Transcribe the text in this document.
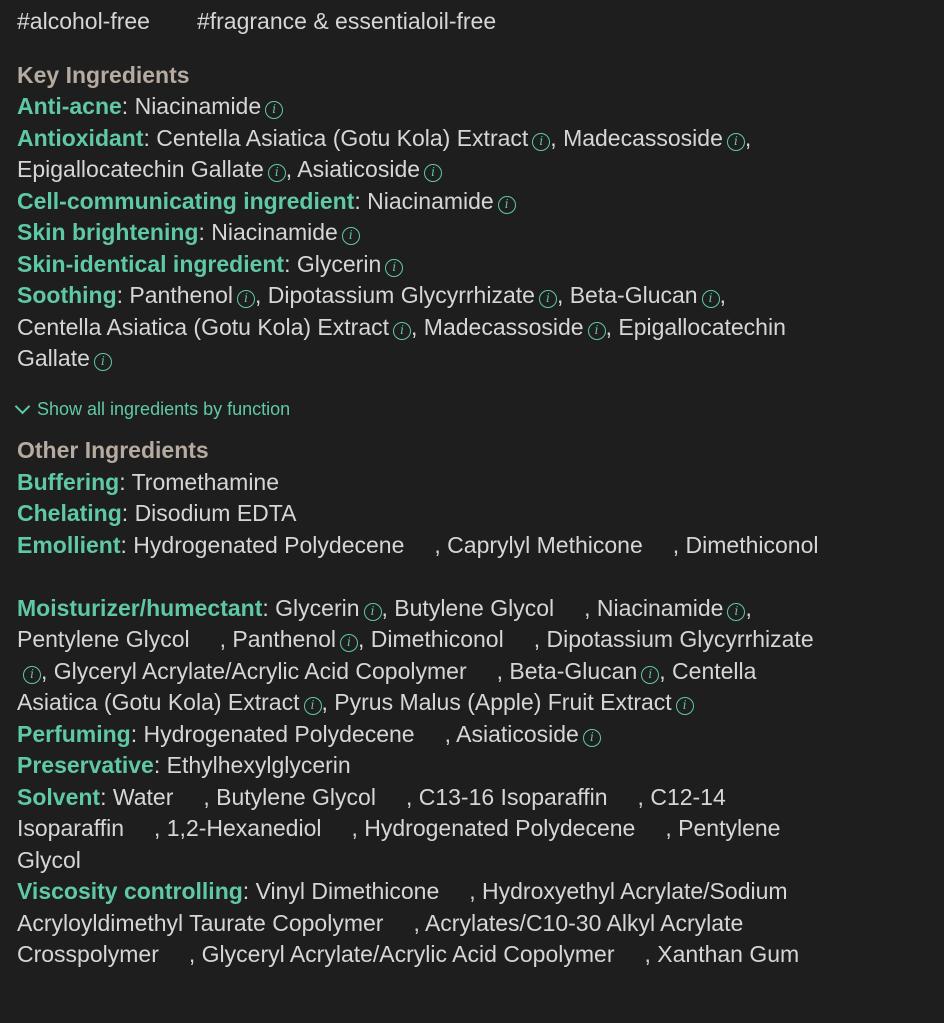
#alcohol-free #fragrance & essentialoil-free
Key Ingredients
Anti-acne: Niacinamide i
Antioxidant: Centella Asiatica (Gotu Kola) Extract i , Madecassoside i ,
Epigallocatechin Gallate i , Asiaticoside i
Cell-communicating ingredient: Niacinamide i
Skin brightening: Niacinamide i
Skin-identical ingredient: Glycerin i
Soothing: Panthenol i , Dipotassium Glycyrrhizate i , Beta-Glucan i ,
Centella Asiatica (Gotu Kola) Extract i , Madecassoside i , Epigallocatechin
Gallate i
Show all ingredients by function
Other Ingredients
Buffering: Tromethamine
Chelating: Disodium EDTA
Emollient: Hydrogenated Polydecene , Caprylyl Methicone , Dimethiconol

Moisturizer/humectant: Glycerin i , Butylene Glycol , Niacinamide i ,
Pentylene Glycol , Panthenol i , Dimethiconol , Dipotassium Glycyrrhizate
i , Glyceryl Acrylate/Acrylic Acid Copolymer , Beta-Glucan i , Centella
Asiatica (Gotu Kola) Extract i , Pyrus Malus (Apple) Fruit Extract i
Perfuming: Hydrogenated Polydecene , Asiaticoside i
Preservative: Ethylhexylglycerin
Solvent: Water , Butylene Glycol , C13-16 Isoparaffin , C12-14
Isoparaffin , 1,2-Hexanediol , Hydrogenated Polydecene , Pentylene
Glycol
Viscosity controlling: Vinyl Dimethicone , Hydroxyethyl Acrylate/Sodium
Acryloyldimethyl Taurate Copolymer , Acrylates/C10-30 Alkyl Acrylate
Crosspolymer , Glyceryl Acrylate/Acrylic Acid Copolymer , Xanthan Gum
